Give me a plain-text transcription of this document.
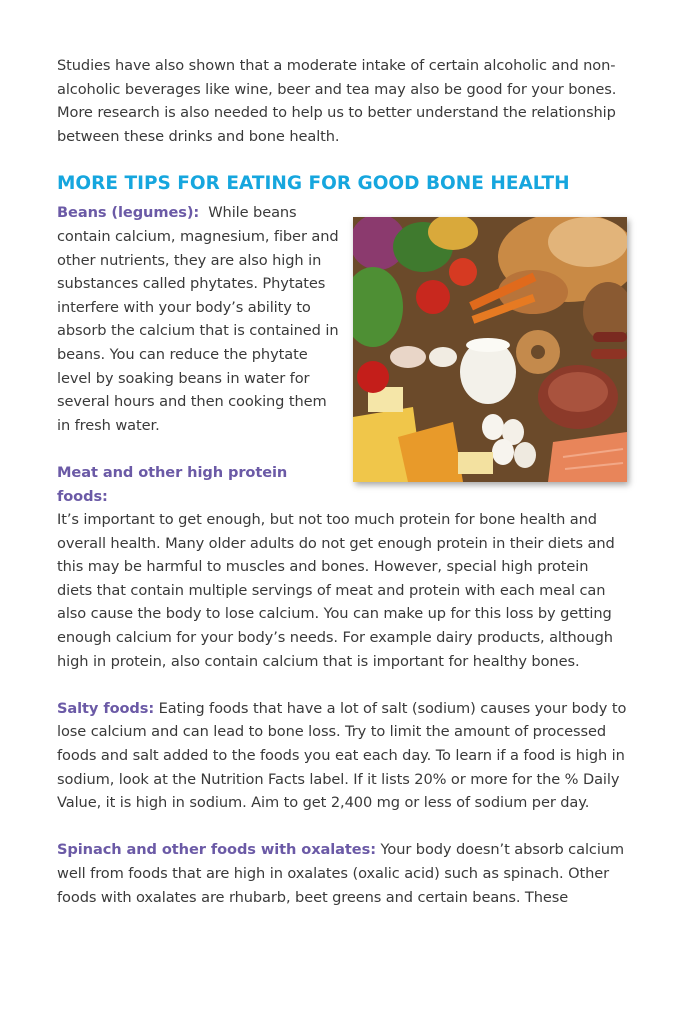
Studies have also shown that a moderate intake of certain alcoholic and non-alcoholic beverages like wine, beer and tea may also be good for your bones. More research is also needed to help us to better understand the relationship between these drinks and bone health.

MORE TIPS FOR EATING FOR GOOD BONE HEALTH

Beans (legumes): While beans contain calcium, magnesium, fiber and other nutrients, they are also high in substances called phytates. Phytates interfere with your body’s ability to absorb the calcium that is contained in beans. You can reduce the phytate level by soaking beans in water for several hours and then cooking them in fresh water.

Meat and other high protein foods:
It’s important to get enough, but not too much protein for bone health and overall health. Many older adults do not get enough protein in their diets and this may be harmful to muscles and bones. However, special high protein diets that contain multiple servings of meat and protein with each meal can also cause the body to lose calcium. You can make up for this loss by getting enough calcium for your body’s needs. For example dairy products, although high in protein, also contain calcium that is important for healthy bones.

Salty foods: Eating foods that have a lot of salt (sodium) causes your body to lose calcium and can lead to bone loss. Try to limit the amount of processed foods and salt added to the foods you eat each day. To learn if a food is high in sodium, look at the Nutrition Facts label. If it lists 20% or more for the % Daily Value, it is high in sodium. Aim to get 2,400 mg or less of sodium per day.

Spinach and other foods with oxalates: Your body doesn’t absorb calcium well from foods that are high in oxalates (oxalic acid) such as spinach. Other foods with oxalates are rhubarb, beet greens and certain beans. These
